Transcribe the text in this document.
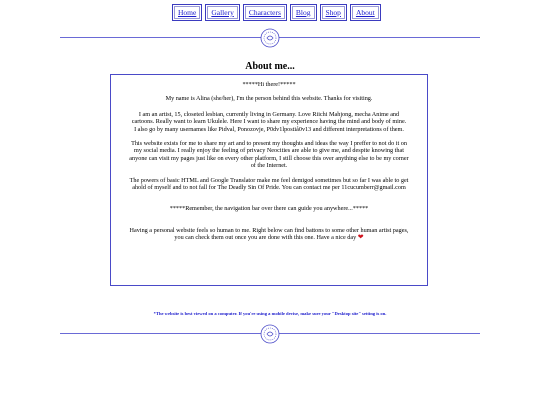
Home	Gallery	Characters	Blog	Shop	About
About me...

*****Hi there!*****

My name is Alina (she/her), I'm the person behind this website. Thanks for visiting.

I am an artist, 15, closeted lesbian, currently living in Germany. Love Riichi Mahjong, mecha Anime and cartoons. Really want to learn Ukulele. Here I want to share my experience having the mind and body of mine.

I also go by many usernames like Pidval, Ponozovje, P0dv1lpostiå0v13 and different interpretations of them.

This website exists for me to share my art and to present my thoughts and ideas the way I preffer to not do it on my social media. I really enjoy the feeling of privacy Neocities are able to give me, and despite knowing that anyone can visit my pages just like on every other platform, I still choose this over anything else to be my corner of the Internet.

The powers of basic HTML and Google Translator make me feel demigod sometimes but so far I was able to get ahold of myself and to not fall for The Deadly Sin Of Pride. You can contact me per 11cucumberr@gmail.com

*****Remember, the navigation bar over there can guide you anywhere...*****

Having a personal website feels so human to me. Right below can find battons to some other human artist pages, you can check them out once you are done with this one. Have a nice day ❤

*The website is best viewed on a computer. If you're using a mobile devise, make sure your "Desktop site" setting is on.
